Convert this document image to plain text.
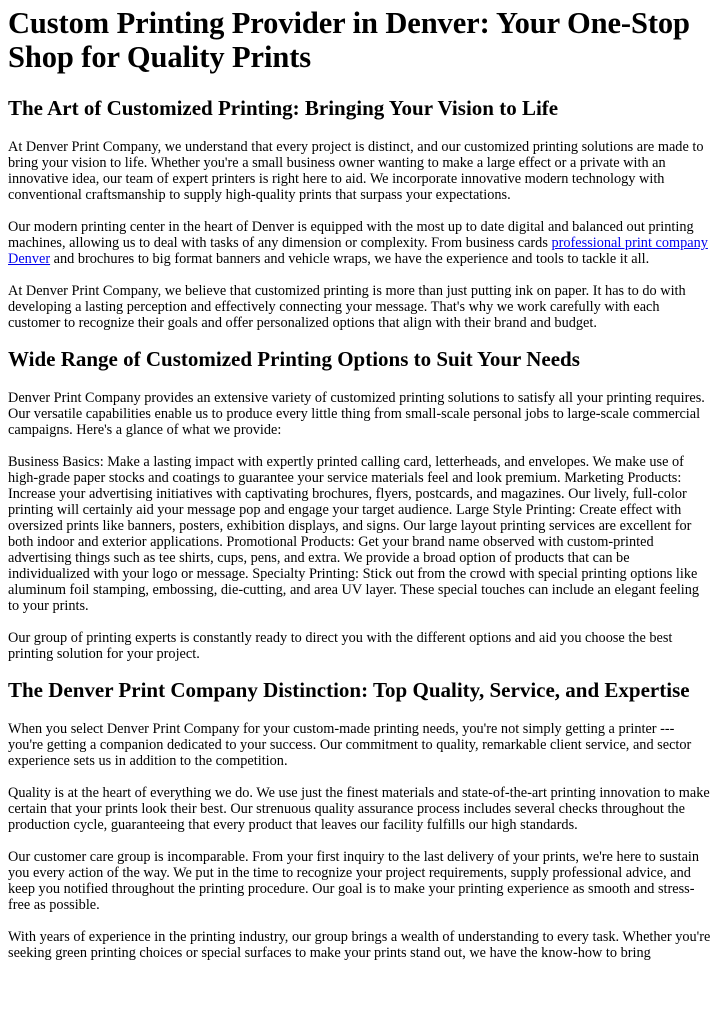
Custom Printing Provider in Denver: Your One-Stop Shop for Quality Prints
The Art of Customized Printing: Bringing Your Vision to Life

At Denver Print Company, we understand that every project is distinct, and our customized printing solutions are made to bring your vision to life. Whether you're a small business owner wanting to make a large effect or a private with an innovative idea, our team of expert printers is right here to aid. We incorporate innovative modern technology with conventional craftsmanship to supply high-quality prints that surpass your expectations.

Our modern printing center in the heart of Denver is equipped with the most up to date digital and balanced out printing machines, allowing us to deal with tasks of any dimension or complexity. From business cards professional print company Denver and brochures to big format banners and vehicle wraps, we have the experience and tools to tackle it all.

At Denver Print Company, we believe that customized printing is more than just putting ink on paper. It has to do with developing a lasting perception and effectively connecting your message. That's why we work carefully with each customer to recognize their goals and offer personalized options that align with their brand and budget.

Wide Range of Customized Printing Options to Suit Your Needs

Denver Print Company provides an extensive variety of customized printing solutions to satisfy all your printing requires. Our versatile capabilities enable us to produce every little thing from small-scale personal jobs to large-scale commercial campaigns. Here's a glance of what we provide:

Business Basics: Make a lasting impact with expertly printed calling card, letterheads, and envelopes. We make use of high-grade paper stocks and coatings to guarantee your service materials feel and look premium. Marketing Products: Increase your advertising initiatives with captivating brochures, flyers, postcards, and magazines. Our lively, full-color printing will certainly aid your message pop and engage your target audience. Large Style Printing: Create effect with oversized prints like banners, posters, exhibition displays, and signs. Our large layout printing services are excellent for both indoor and exterior applications. Promotional Products: Get your brand name observed with custom-printed advertising things such as tee shirts, cups, pens, and extra. We provide a broad option of products that can be individualized with your logo or message. Specialty Printing: Stick out from the crowd with special printing options like aluminum foil stamping, embossing, die-cutting, and area UV layer. These special touches can include an elegant feeling to your prints.

Our group of printing experts is constantly ready to direct you with the different options and aid you choose the best printing solution for your project.

The Denver Print Company Distinction: Top Quality, Service, and Expertise

When you select Denver Print Company for your custom-made printing needs, you're not simply getting a printer --- you're getting a companion dedicated to your success. Our commitment to quality, remarkable client service, and sector experience sets us in addition to the competition.

Quality is at the heart of everything we do. We use just the finest materials and state-of-the-art printing innovation to make certain that your prints look their best. Our strenuous quality assurance process includes several checks throughout the production cycle, guaranteeing that every product that leaves our facility fulfills our high standards.

Our customer care group is incomparable. From your first inquiry to the last delivery of your prints, we're here to sustain you every action of the way. We put in the time to recognize your project requirements, supply professional advice, and keep you notified throughout the printing procedure. Our goal is to make your printing experience as smooth and stress-free as possible.

With years of experience in the printing industry, our group brings a wealth of understanding to every task. Whether you're seeking green printing choices or special surfaces to make your prints stand out, we have the know-how to bring
